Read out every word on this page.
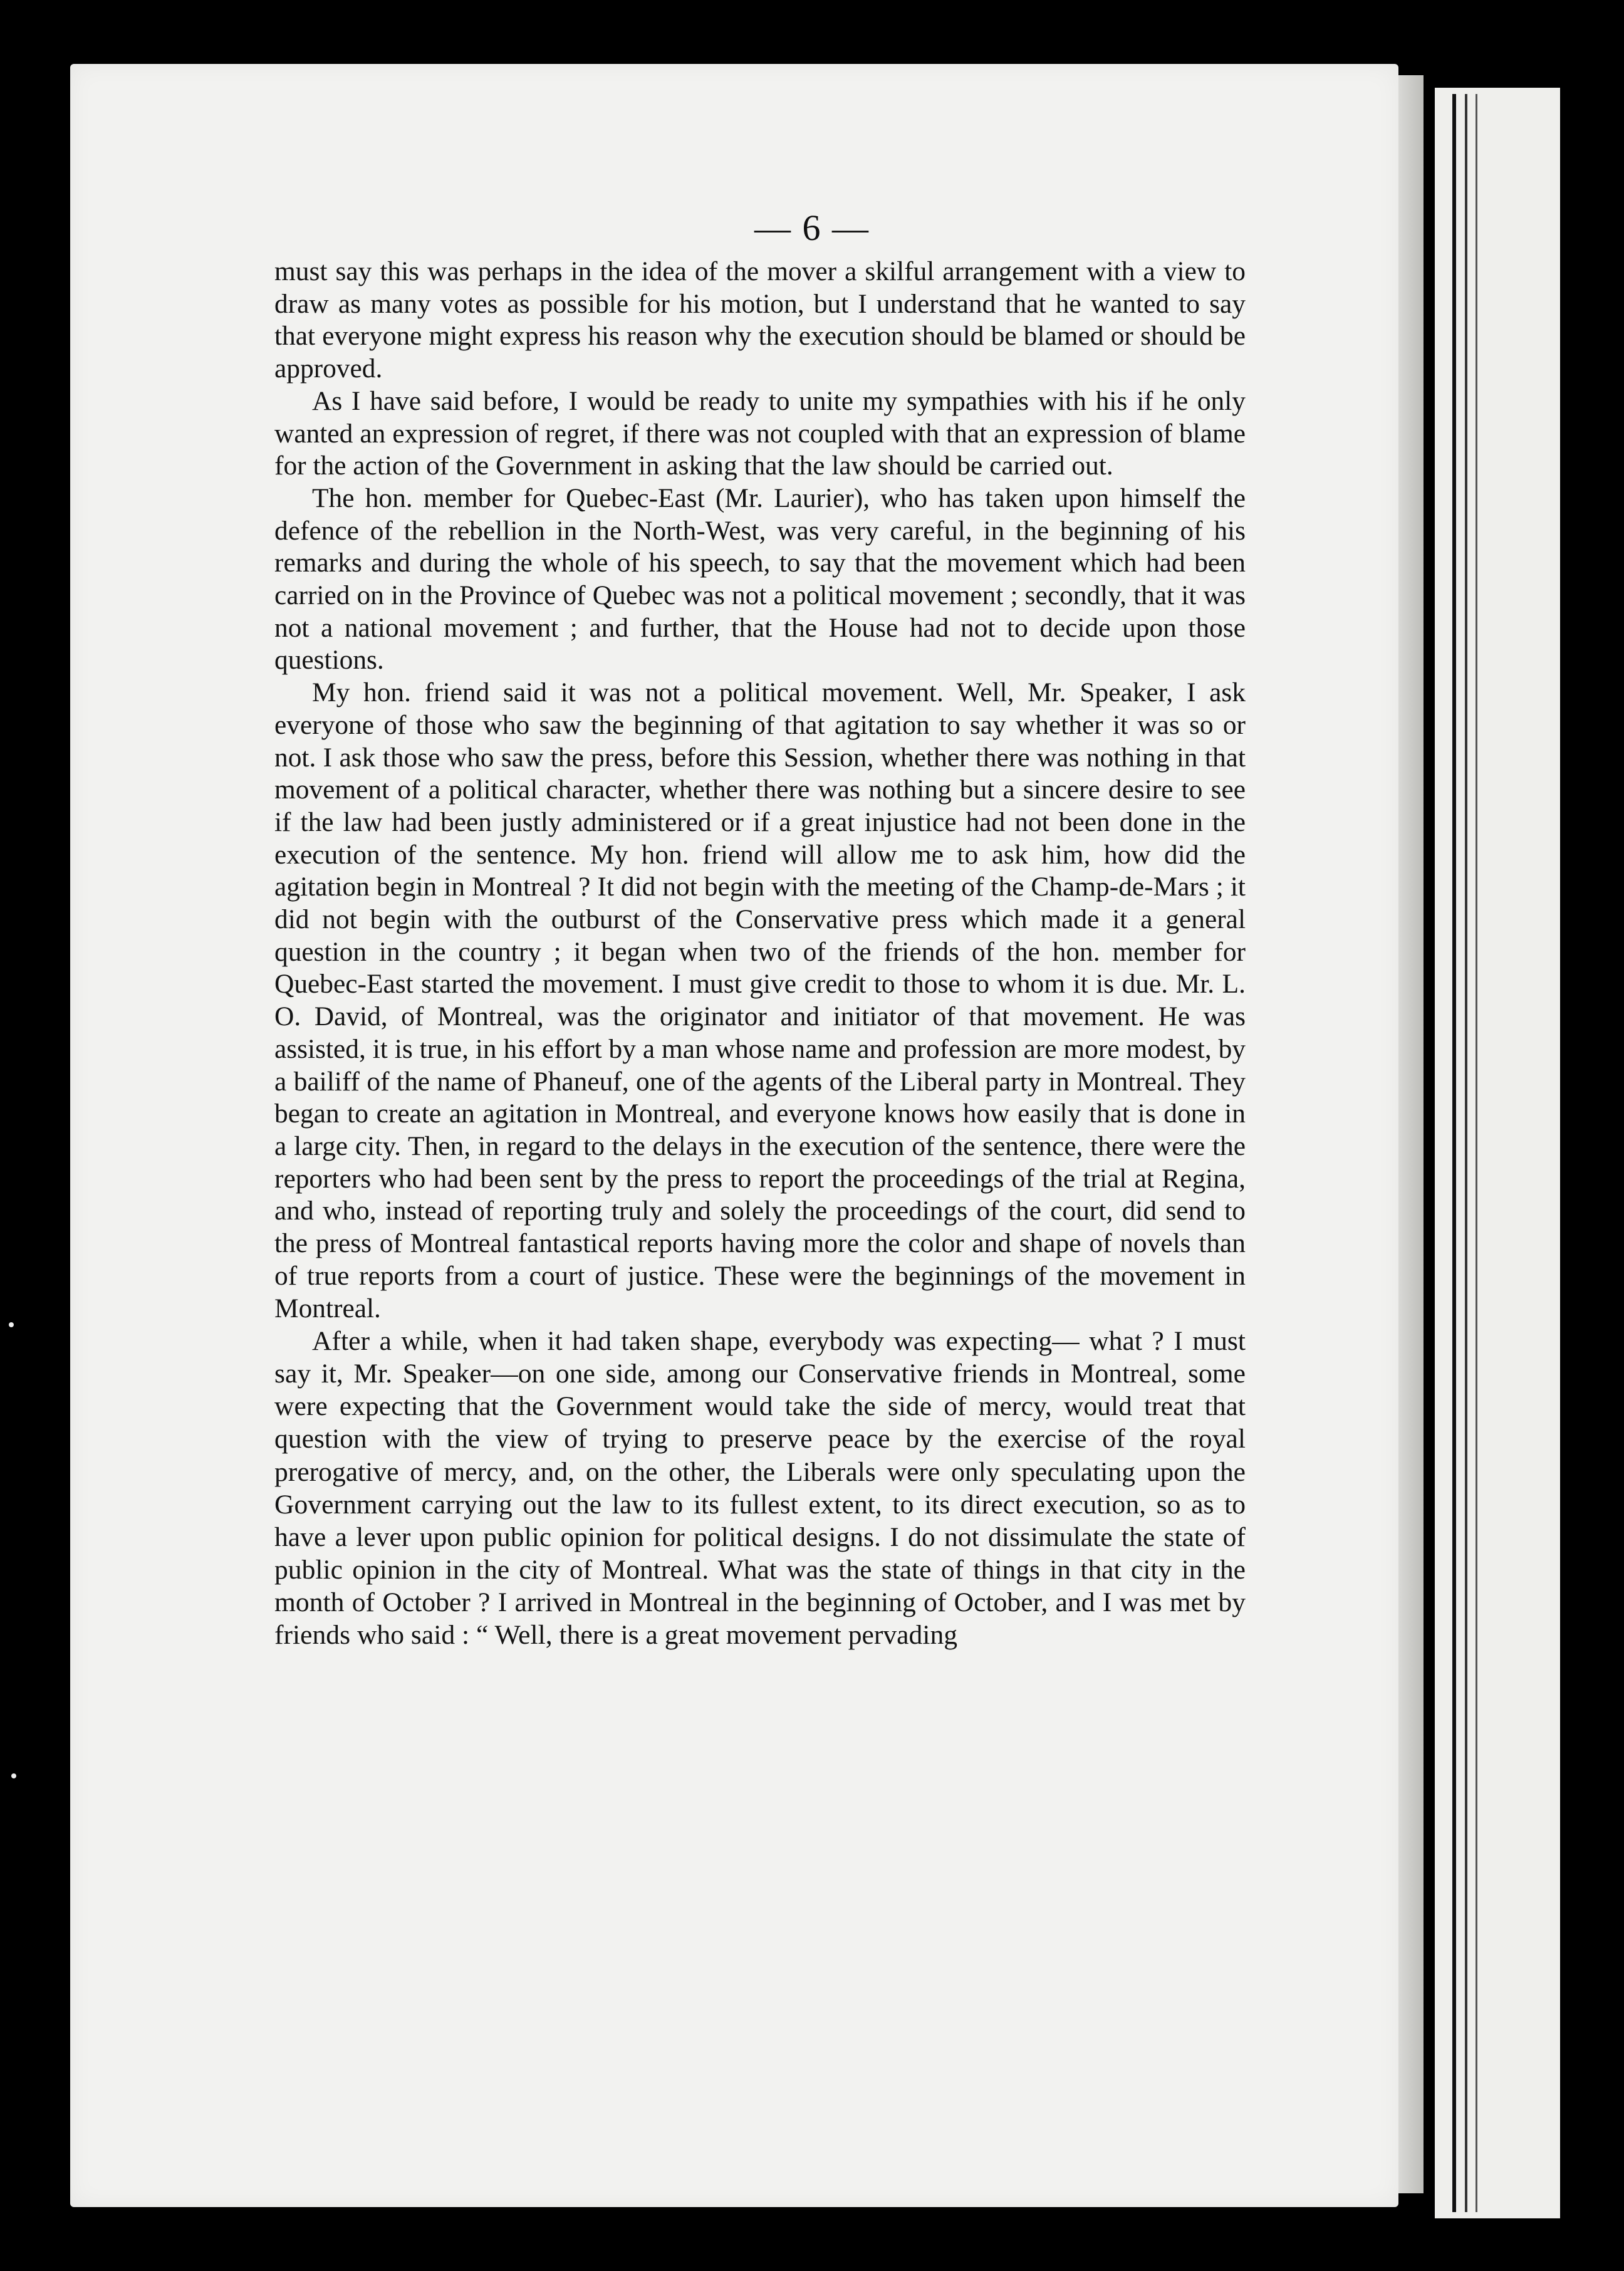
— 6 —

must say this was perhaps in the idea of the mover a skilful arrangement with a view to draw as many votes as possible for his motion, but I understand that he wanted to say that everyone might express his reason why the execution should be blamed or should be approved.

As I have said before, I would be ready to unite my sympathies with his if he only wanted an expression of regret, if there was not coupled with that an expression of blame for the action of the Government in asking that the law should be carried out.

The hon. member for Quebec-East (Mr. Laurier), who has taken upon himself the defence of the rebellion in the North-West, was very careful, in the beginning of his remarks and during the whole of his speech, to say that the movement which had been carried on in the Province of Quebec was not a political movement ; secondly, that it was not a national movement ; and further, that the House had not to decide upon those questions.

My hon. friend said it was not a political movement. Well, Mr. Speaker, I ask everyone of those who saw the beginning of that agitation to say whether it was so or not. I ask those who saw the press, before this Session, whether there was nothing in that movement of a political character, whether there was nothing but a sincere desire to see if the law had been justly administered or if a great injustice had not been done in the execution of the sentence. My hon. friend will allow me to ask him, how did the agitation begin in Montreal ? It did not begin with the meeting of the Champ-de-Mars ; it did not begin with the outburst of the Conservative press which made it a general question in the country ; it began when two of the friends of the hon. member for Quebec-East started the movement. I must give credit to those to whom it is due. Mr. L. O. David, of Montreal, was the originator and initiator of that movement. He was assisted, it is true, in his effort by a man whose name and profession are more modest, by a bailiff of the name of Phaneuf, one of the agents of the Liberal party in Montreal. They began to create an agitation in Montreal, and everyone knows how easily that is done in a large city. Then, in regard to the delays in the execution of the sentence, there were the reporters who had been sent by the press to report the proceedings of the trial at Regina, and who, instead of reporting truly and solely the proceedings of the court, did send to the press of Montreal fantastical reports having more the color and shape of novels than of true reports from a court of justice. These were the beginnings of the movement in Montreal.

After a while, when it had taken shape, everybody was expecting— what ? I must say it, Mr. Speaker—on one side, among our Conservative friends in Montreal, some were expecting that the Government would take the side of mercy, would treat that question with the view of trying to preserve peace by the exercise of the royal prerogative of mercy, and, on the other, the Liberals were only speculating upon the Government carrying out the law to its fullest extent, to its direct execution, so as to have a lever upon public opinion for political designs. I do not dissimulate the state of public opinion in the city of Montreal. What was the state of things in that city in the month of October ? I arrived in Montreal in the beginning of October, and I was met by friends who said : “ Well, there is a great movement pervading
